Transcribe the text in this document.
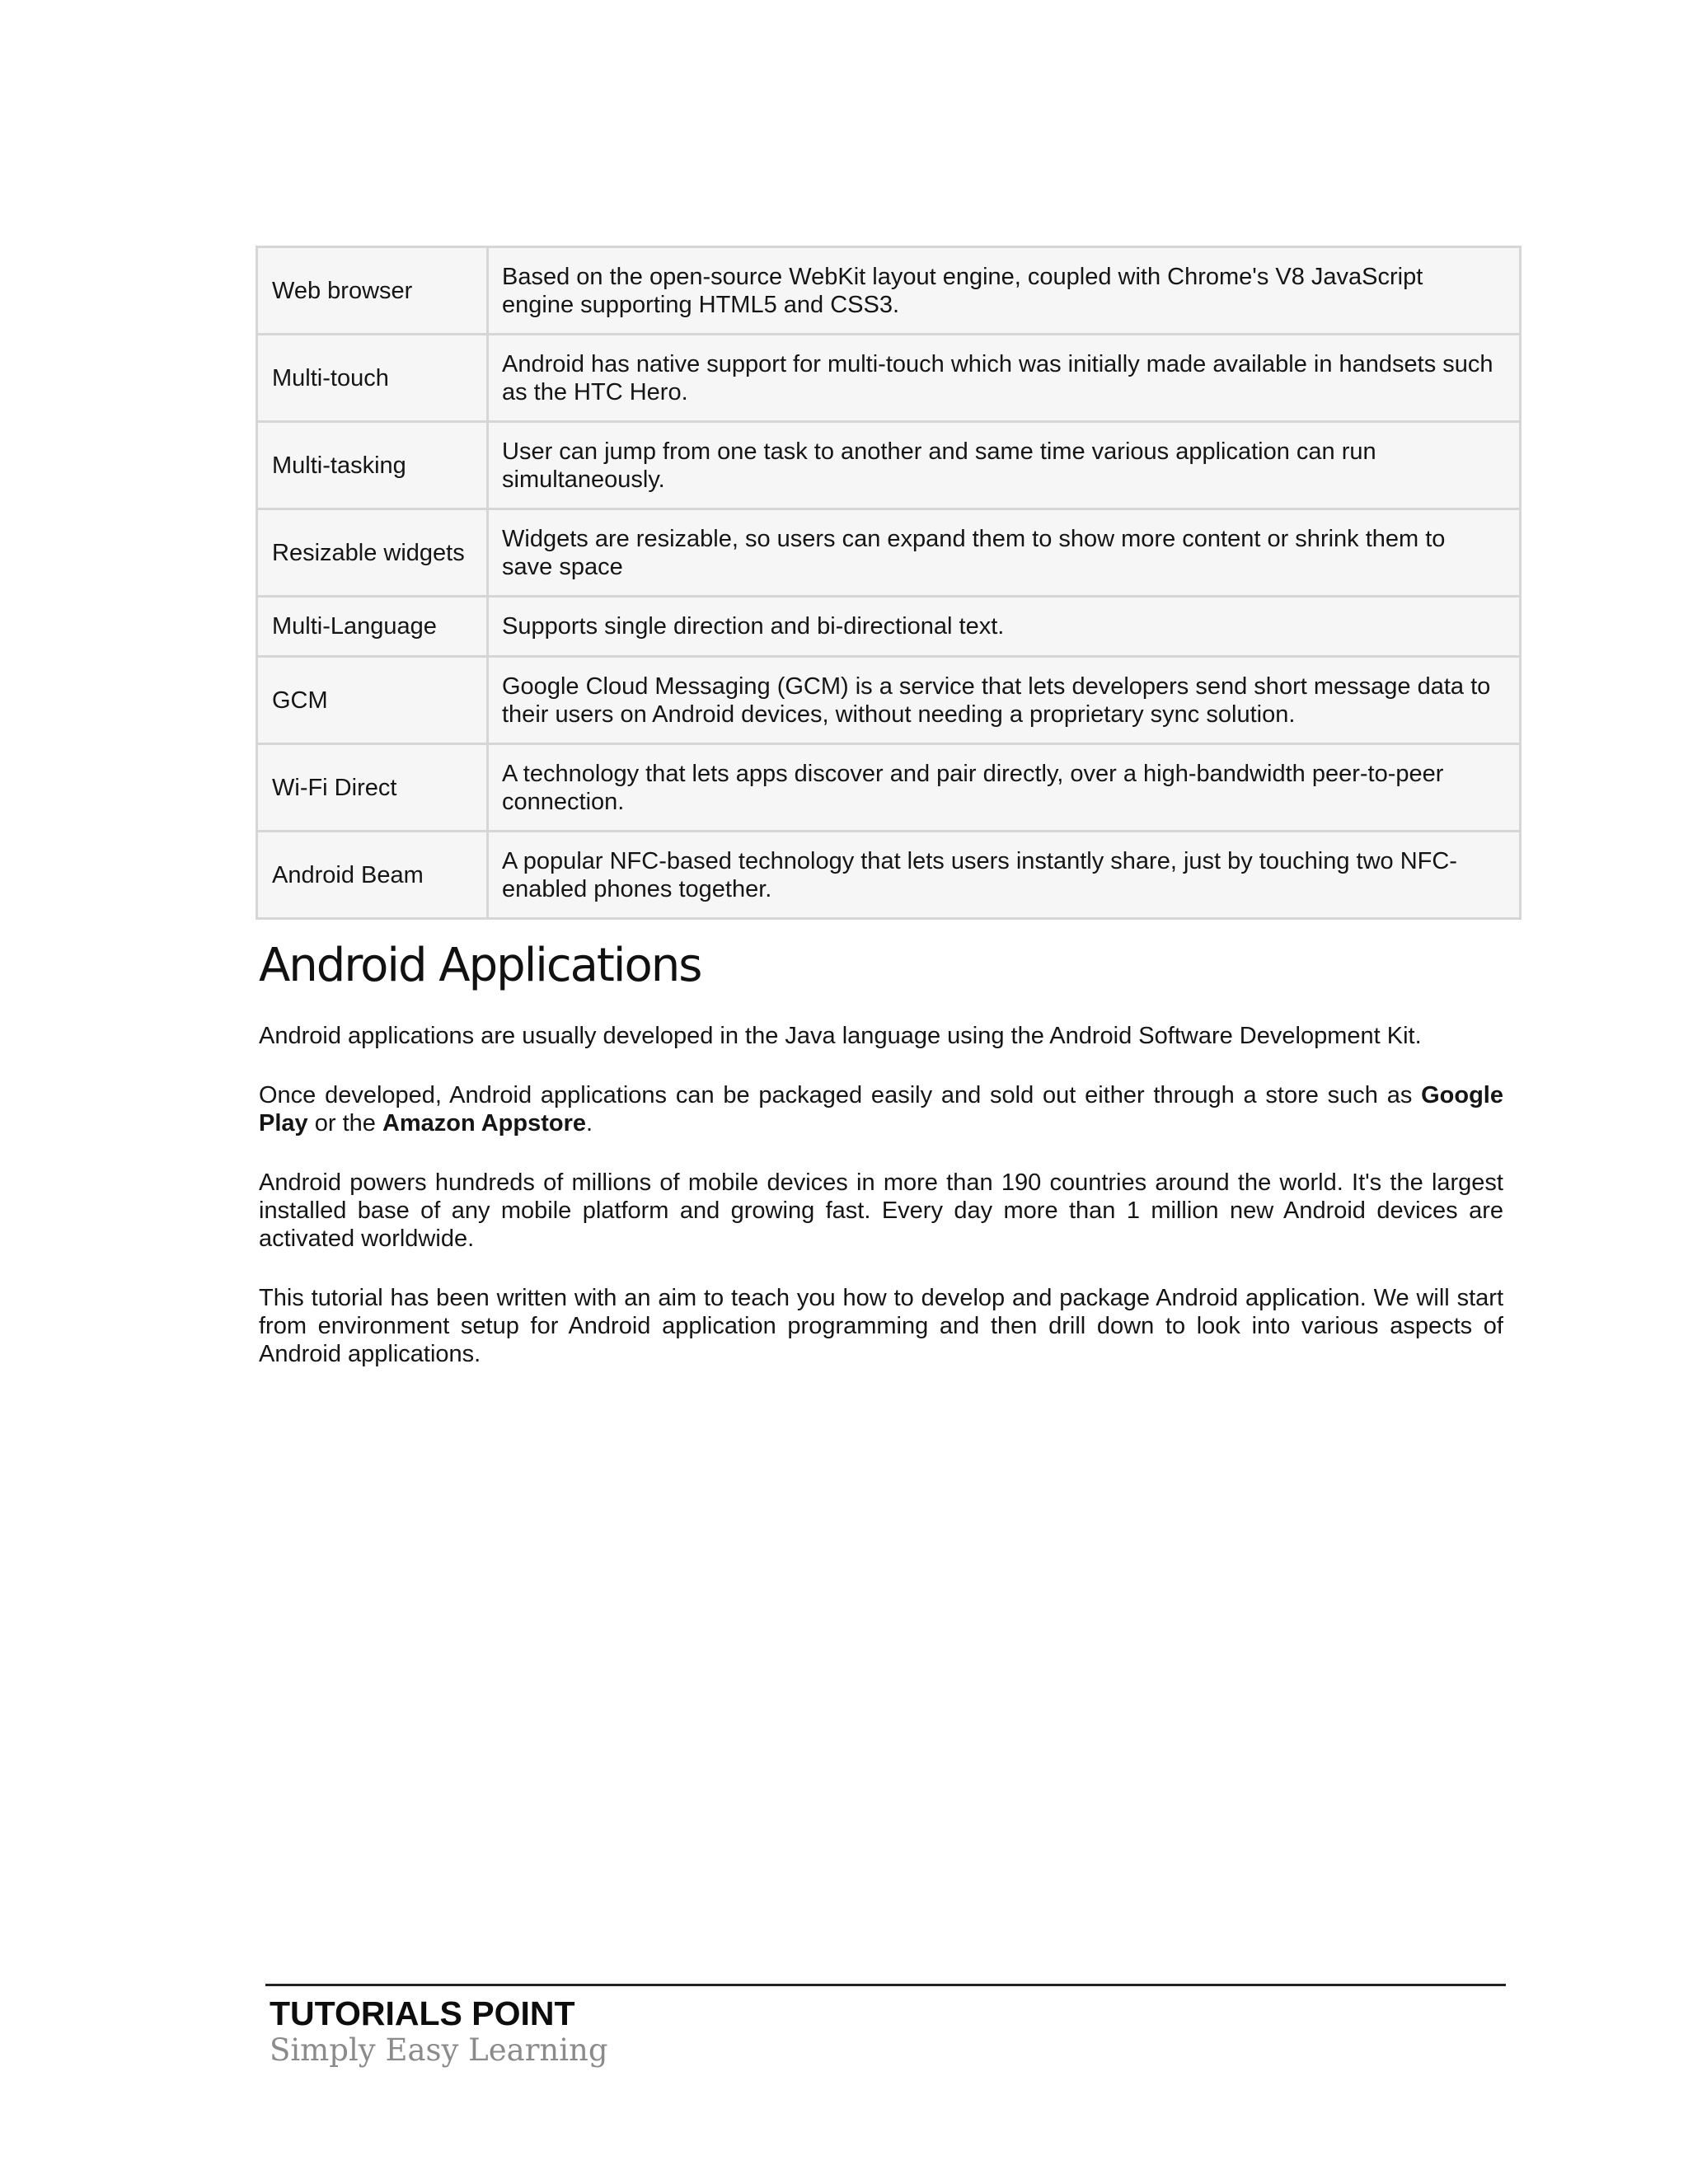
Web browser	Based on the open-source WebKit layout engine, coupled with Chrome's V8 JavaScript engine supporting HTML5 and CSS3.
Multi-touch	Android has native support for multi-touch which was initially made available in handsets such as the HTC Hero.
Multi-tasking	User can jump from one task to another and same time various application can run simultaneously.
Resizable widgets	Widgets are resizable, so users can expand them to show more content or shrink them to save space
Multi-Language	Supports single direction and bi-directional text.
GCM	Google Cloud Messaging (GCM) is a service that lets developers send short message data to their users on Android devices, without needing a proprietary sync solution.
Wi-Fi Direct	A technology that lets apps discover and pair directly, over a high-bandwidth peer-to-peer connection.
Android Beam	A popular NFC-based technology that lets users instantly share, just by touching two NFC-enabled phones together.
Android Applications

Android applications are usually developed in the Java language using the Android Software Development Kit.

Once developed, Android applications can be packaged easily and sold out either through a store such as Google Play or the Amazon Appstore.

Android powers hundreds of millions of mobile devices in more than 190 countries around the world. It's the largest installed base of any mobile platform and growing fast. Every day more than 1 million new Android devices are activated worldwide.

This tutorial has been written with an aim to teach you how to develop and package Android application. We will start from environment setup for Android application programming and then drill down to look into various aspects of Android applications.

TUTORIALS POINT
Simply Easy Learning
